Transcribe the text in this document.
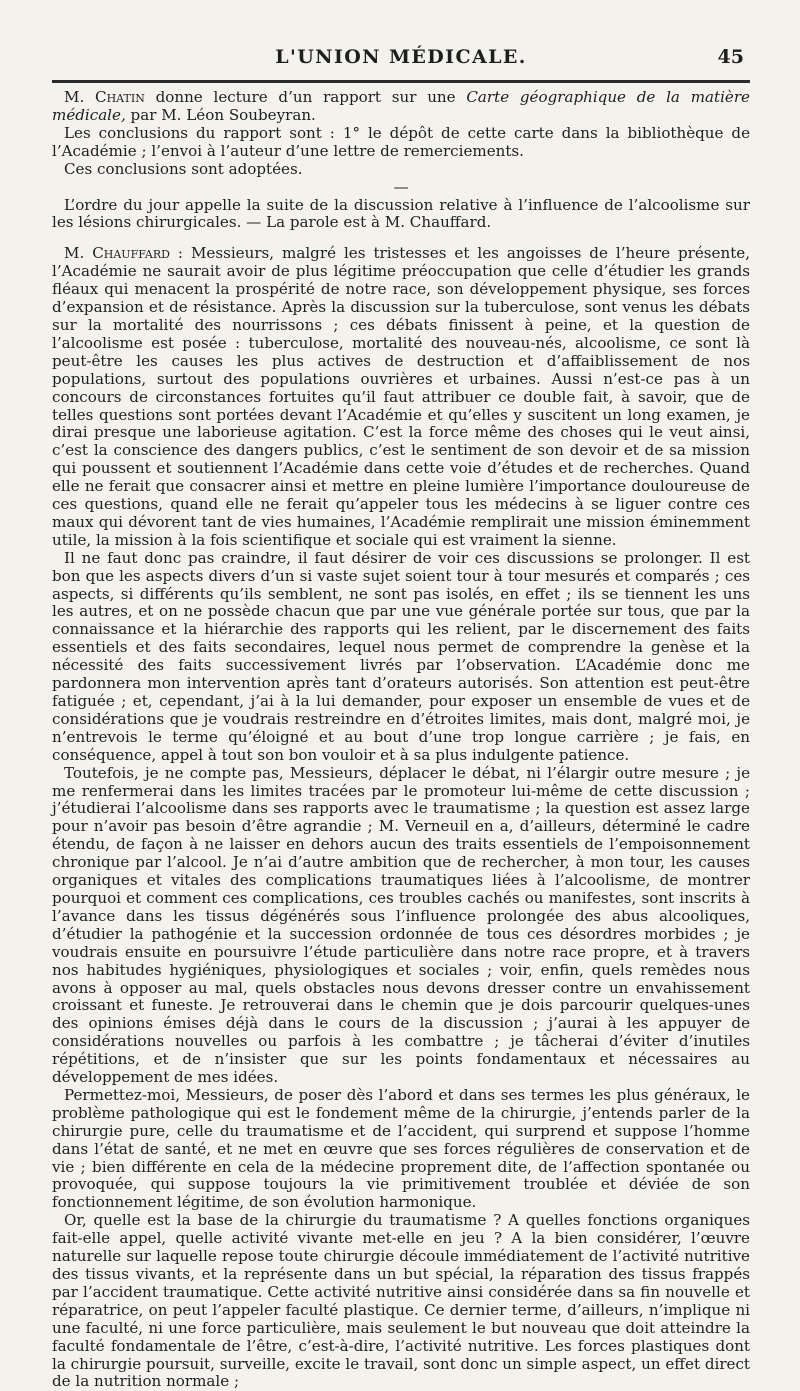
L'UNION MÉDICALE.	45

M. Chatin donne lecture d’un rapport sur une Carte géographique de la matière médicale, par M. Léon Soubeyran.

Les conclusions du rapport sont : 1° le dépôt de cette carte dans la bibliothèque de l’Académie ; l’envoi à l’auteur d’une lettre de remerciements.

Ces conclusions sont adoptées.

—

L’ordre du jour appelle la suite de la discussion relative à l’influence de l’alcoolisme sur les lésions chirurgicales. — La parole est à M. Chauffard.

M. Chauffard : Messieurs, malgré les tristesses et les angoisses de l’heure présente, l’Académie ne saurait avoir de plus légitime préoccupation que celle d’étudier les grands fléaux qui menacent la prospérité de notre race, son développement physique, ses forces d’expansion et de résistance. Après la discussion sur la tuberculose, sont venus les débats sur la mortalité des nourrissons ; ces débats finissent à peine, et la question de l’alcoolisme est posée : tuberculose, mortalité des nouveau-nés, alcoolisme, ce sont là peut-être les causes les plus actives de destruction et d’affaiblissement de nos populations, surtout des populations ouvrières et urbaines. Aussi n’est-ce pas à un concours de circonstances fortuites qu’il faut attribuer ce double fait, à savoir, que de telles questions sont portées devant l’Académie et qu’elles y suscitent un long examen, je dirai presque une laborieuse agitation. C’est la force même des choses qui le veut ainsi, c’est la conscience des dangers publics, c’est le sentiment de son devoir et de sa mission qui poussent et soutiennent l’Académie dans cette voie d’études et de recherches. Quand elle ne ferait que consacrer ainsi et mettre en pleine lumière l’importance douloureuse de ces questions, quand elle ne ferait qu’appeler tous les médecins à se liguer contre ces maux qui dévorent tant de vies humaines, l’Académie remplirait une mission éminemment utile, la mission à la fois scientifique et sociale qui est vraiment la sienne.

Il ne faut donc pas craindre, il faut désirer de voir ces discussions se prolonger. Il est bon que les aspects divers d’un si vaste sujet soient tour à tour mesurés et comparés ; ces aspects, si différents qu’ils semblent, ne sont pas isolés, en effet ; ils se tiennent les uns les autres, et on ne possède chacun que par une vue générale portée sur tous, que par la connaissance et la hiérarchie des rapports qui les relient, par le discernement des faits essentiels et des faits secondaires, lequel nous permet de comprendre la genèse et la nécessité des faits successivement livrés par l’observation. L’Académie donc me pardonnera mon intervention après tant d’orateurs autorisés. Son attention est peut-être fatiguée ; et, cependant, j’ai à la lui demander, pour exposer un ensemble de vues et de considérations que je voudrais restreindre en d’étroites limites, mais dont, malgré moi, je n’entrevois le terme qu’éloigné et au bout d’une trop longue carrière ; je fais, en conséquence, appel à tout son bon vouloir et à sa plus indulgente patience.

Toutefois, je ne compte pas, Messieurs, déplacer le débat, ni l’élargir outre mesure ; je me renfermerai dans les limites tracées par le promoteur lui-même de cette discussion ; j’étudierai l’alcoolisme dans ses rapports avec le traumatisme ; la question est assez large pour n’avoir pas besoin d’être agrandie ; M. Verneuil en a, d’ailleurs, déterminé le cadre étendu, de façon à ne laisser en dehors aucun des traits essentiels de l’empoisonnement chronique par l’alcool. Je n’ai d’autre ambition que de rechercher, à mon tour, les causes organiques et vitales des complications traumatiques liées à l’alcoolisme, de montrer pourquoi et comment ces complications, ces troubles cachés ou manifestes, sont inscrits à l’avance dans les tissus dégénérés sous l’influence prolongée des abus alcooliques, d’étudier la pathogénie et la succession ordonnée de tous ces désordres morbides ; je voudrais ensuite en poursuivre l’étude particulière dans notre race propre, et à travers nos habitudes hygiéniques, physiologiques et sociales ; voir, enfin, quels remèdes nous avons à opposer au mal, quels obstacles nous devons dresser contre un envahissement croissant et funeste. Je retrouverai dans le chemin que je dois parcourir quelques-unes des opinions émises déjà dans le cours de la discussion ; j’aurai à les appuyer de considérations nouvelles ou parfois à les combattre ; je tâcherai d’éviter d’inutiles répétitions, et de n’insister que sur les points fondamentaux et nécessaires au développement de mes idées.

Permettez-moi, Messieurs, de poser dès l’abord et dans ses termes les plus généraux, le problème pathologique qui est le fondement même de la chirurgie, j’entends parler de la chirurgie pure, celle du traumatisme et de l’accident, qui surprend et suppose l’homme dans l’état de santé, et ne met en œuvre que ses forces régulières de conservation et de vie ; bien différente en cela de la médecine proprement dite, de l’affection spontanée ou provoquée, qui suppose toujours la vie primitivement troublée et déviée de son fonctionnement légitime, de son évolution harmonique.

Or, quelle est la base de la chirurgie du traumatisme ? A quelles fonctions organiques fait-elle appel, quelle activité vivante met-elle en jeu ? A la bien considérer, l’œuvre naturelle sur laquelle repose toute chirurgie découle immédiatement de l’activité nutritive des tissus vivants, et la représente dans un but spécial, la réparation des tissus frappés par l’accident traumatique. Cette activité nutritive ainsi considérée dans sa fin nouvelle et réparatrice, on peut l’appeler faculté plastique. Ce dernier terme, d’ailleurs, n’implique ni une faculté, ni une force particulière, mais seulement le but nouveau que doit atteindre la faculté fondamentale de l’être, c’est-à-dire, l’activité nutritive. Les forces plastiques dont la chirurgie poursuit, surveille, excite le travail, sont donc un simple aspect, un effet direct de la nutrition normale ;
